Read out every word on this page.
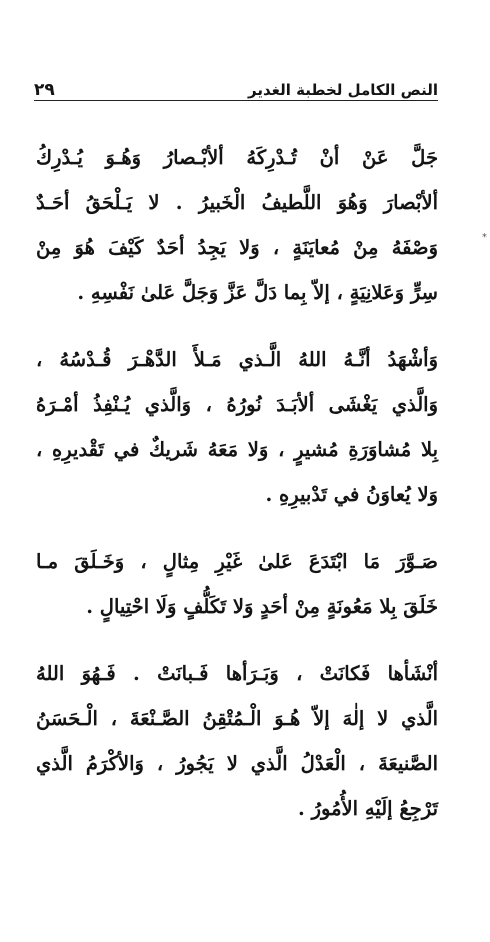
النص الكامل لخطبة الغدير
٢٩
⁎
جَلَّ عَنْ أنْ تُـدْرِكَهُ ألأبْـصارُ وَهُـوَ يُـدْرِكُ
ألأبْصارَ وَهُوَ اللَّطيفُ الْخَبيرُ . لا يَـلْحَقُ أحَـدٌ
وَصْفَهُ مِنْ مُعايَنَةٍ ، وَلا يَجِدُ أحَدٌ كَيْفَ هُوَ مِنْ
سِرٍّ وَعَلانِيَةٍ ، إلاّ بِما دَلَّ عَزَّ وَجَلَّ عَلىٰ نَفْسِهِ .
وَأشْهَدُ أنَّـهُ اللهُ الَّـذي مَـلأَ الدَّهْـرَ قُـدْسُهُ ،
وَالَّذي يَغْشَى ألأبَـدَ نُورُهُ ، وَالَّذي يُـنْفِذُ أمْـرَهُ
بِلا مُشاوَرَةِ مُشيرٍ ، وَلا مَعَهُ شَريكٌ في تَقْديرِهِ ،
وَلا يُعاوَنُ في تَدْبيرِهِ .
صَـوَّرَ مَا ابْتَدَعَ عَلىٰ غَيْرِ مِثالٍ ، وَخَـلَقَ مـا
خَلَقَ بِلا مَعُونَةٍ مِنْ أحَدٍ وَلا تَكَلُّفٍ وَلَا احْتِيالٍ .
أنْشَأها فَكانَتْ ، وَبَـرَأها فَـبانَتْ . فَـهُوَ اللهُ
الَّذي لا إلٰهَ إلاّ هُـوَ الْـمُتْقِنُ الصَّـنْعَةَ ، الْـحَسَنُ
الصَّنيعَةَ ، الْعَدْلُ الَّذي لا يَجُورُ ، وَالأكْرَمُ الَّذي
تَرْجِعُ إلَيْهِ الأُمُورُ .
